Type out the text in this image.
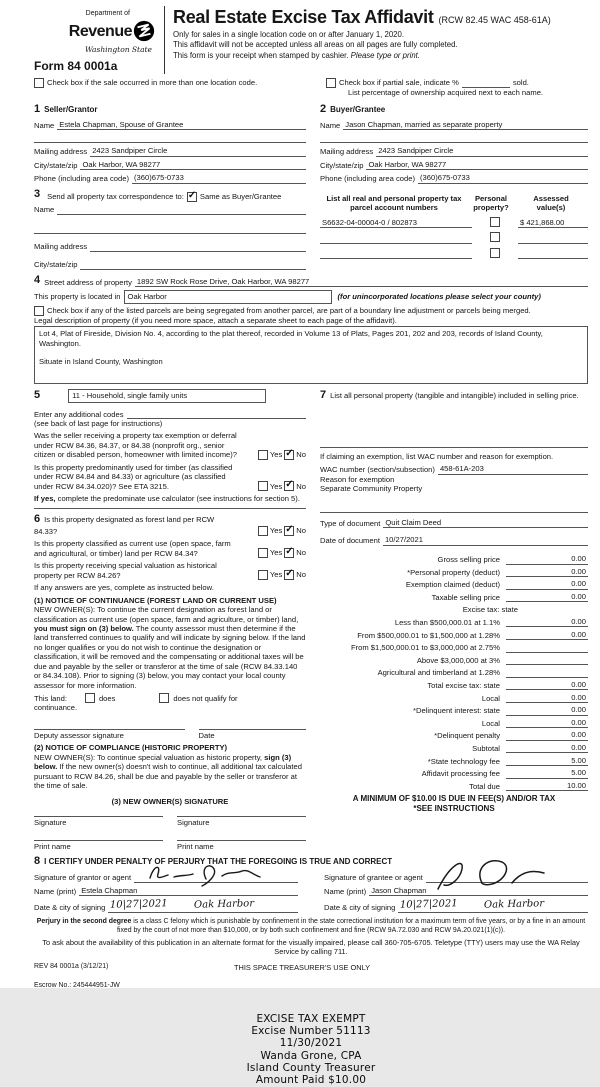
Department of
Revenue
Washington State
Form 84 0001a
Real Estate Excise Tax Affidavit (RCW 82.45 WAC 458-61A)
Only for sales in a single location code on or after January 1, 2020.
This affidavit will not be accepted unless all areas on all pages are fully completed.
This form is your receipt when stamped by cashier. Please type or print.
Check box if the sale occurred in more than one location code.	Check box if partial sale, indicate %	sold.
List percentage of ownership acquired next to each name.
1 Seller/Grantor
Name Estela Chapman, Spouse of Grantee
Mailing address 2423 Sandpiper Circle
City/state/zip Oak Harbor, WA 98277
Phone (including area code) (360)675-0733
2 Buyer/Grantee
Name Jason Chapman, married as separate property
Mailing address 2423 Sandpiper Circle
City/state/zip Oak Harbor, WA 98277
Phone (including area code) (360)675-0733
3 Send all property tax correspondence to: ✓ Same as Buyer/Grantee
Name
Mailing address
City/state/zip
List all real and personal property tax
parcel account numbers
Personal
property?
Assessed
value(s)
S6632-04-00004-0 / 802873	$ 421,868.00
4 Street address of property 1892 SW Rock Rose Drive, Oak Harbor, WA 98277
This property is located in Oak Harbor	(for unincorporated locations please select your county)
Check box if any of the listed parcels are being segregated from another parcel, are part of a boundary line adjustment or parcels being merged.
Legal description of property (if you need more space, attach a separate sheet to each page of the affidavit).
Lot 4, Plat of Fireside, Division No. 4, according to the plat thereof, recorded in Volume 13 of Plats, Pages 201, 202 and 203, records of Island County, Washington.
Situate in Island County, Washington
5	11 - Household, single family units
Enter any additional codes
(see back of last page for instructions)
Was the seller receiving a property tax exemption or deferral under RCW 84.36, 84.37, or 84.38 (nonprofit org., senior citizen or disabled person, homeowner with limited income)?	Yes ✓ No
Is this property predominantly used for timber (as classified under RCW 84.84 and 84.33) or agriculture (as classified under RCW 84.34.020)? See ETA 3215.	Yes ✓ No
If yes, complete the predominate use calculator (see instructions for section 5).
6 Is this property designated as forest land per RCW 84.33?	Yes ✓ No
Is this property classified as current use (open space, farm and agricultural, or timber) land per RCW 84.34?	Yes ✓ No
Is this property receiving special valuation as historical property per RCW 84.26?	Yes ✓ No
If any answers are yes, complete as instructed below.
(1) NOTICE OF CONTINUANCE (FOREST LAND OR CURRENT USE)
NEW OWNER(S): To continue the current designation as forest land or classification as current use (open space, farm and agriculture, or timber) land, you must sign on (3) below. The county assessor must then determine if the land transferred continues to qualify and will indicate by signing below. If the land no longer qualifies or you do not wish to continue the designation or classification, it will be removed and the compensating or additional taxes will be due and payable by the seller or transferor at the time of sale (RCW 84.33.140 or 84.34.108). Prior to signing (3) below, you may contact your local county assessor for more information.
This land:	does	does not qualify for
continuance.
Deputy assessor signature	Date
(2) NOTICE OF COMPLIANCE (HISTORIC PROPERTY)
NEW OWNER(S): To continue special valuation as historic property, sign (3) below. If the new owner(s) doesn't wish to continue, all additional tax calculated pursuant to RCW 84.26, shall be due and payable by the seller or transferor at the time of sale.
(3) NEW OWNER(S) SIGNATURE
Signature	Signature
Print name	Print name
7 List all personal property (tangible and intangible) included in selling price.
If claiming an exemption, list WAC number and reason for exemption.
WAC number (section/subsection) 458-61A-203
Reason for exemption
Separate Community Property
Type of document Quit Claim Deed
Date of document 10/27/2021
Gross selling price	0.00
*Personal property (deduct)	0.00
Exemption claimed (deduct)	0.00
Taxable selling price	0.00
Excise tax: state
Less than $500,000.01 at 1.1%	0.00
From $500,000.01 to $1,500,000 at 1.28%	0.00
From $1,500,000.01 to $3,000,000 at 2.75%
Above $3,000,000 at 3%
Agricultural and timberland at 1.28%
Total excise tax: state	0.00
Local	0.00
*Delinquent interest: state	0.00
Local	0.00
*Delinquent penalty	0.00
Subtotal	0.00
*State technology fee	5.00
Affidavit processing fee	5.00
Total due	10.00
A MINIMUM OF $10.00 IS DUE IN FEE(S) AND/OR TAX
*SEE INSTRUCTIONS
8 I CERTIFY UNDER PENALTY OF PERJURY THAT THE FOREGOING IS TRUE AND CORRECT
Signature of grantor or agent
Name (print) Estela Chapman
Date & city of signing 10|27|2021	Oak Harbor
Signature of grantee or agent
Name (print) Jason Chapman
Date & city of signing 10|27|2021	Oak Harbor
Perjury in the second degree is a class C felony which is punishable by confinement in the state correctional institution for a maximum term of five years, or by a fine in an amount fixed by the court of not more than $10,000, or by both such confinement and fine (RCW 9A.72.030 and RCW 9A.20.021(1)(c)).
To ask about the availability of this publication in an alternate format for the visually impaired, please call 360-705-6705. Teletype (TTY) users may use the WA Relay Service by calling 711.
REV 84 0001a (3/12/21)	THIS SPACE TREASURER'S USE ONLY
Escrow No.: 245444951-JW
EXCISE TAX EXEMPT
Excise Number 51113
11/30/2021
Wanda Grone, CPA
Island County Treasurer
Amount Paid $10.00
